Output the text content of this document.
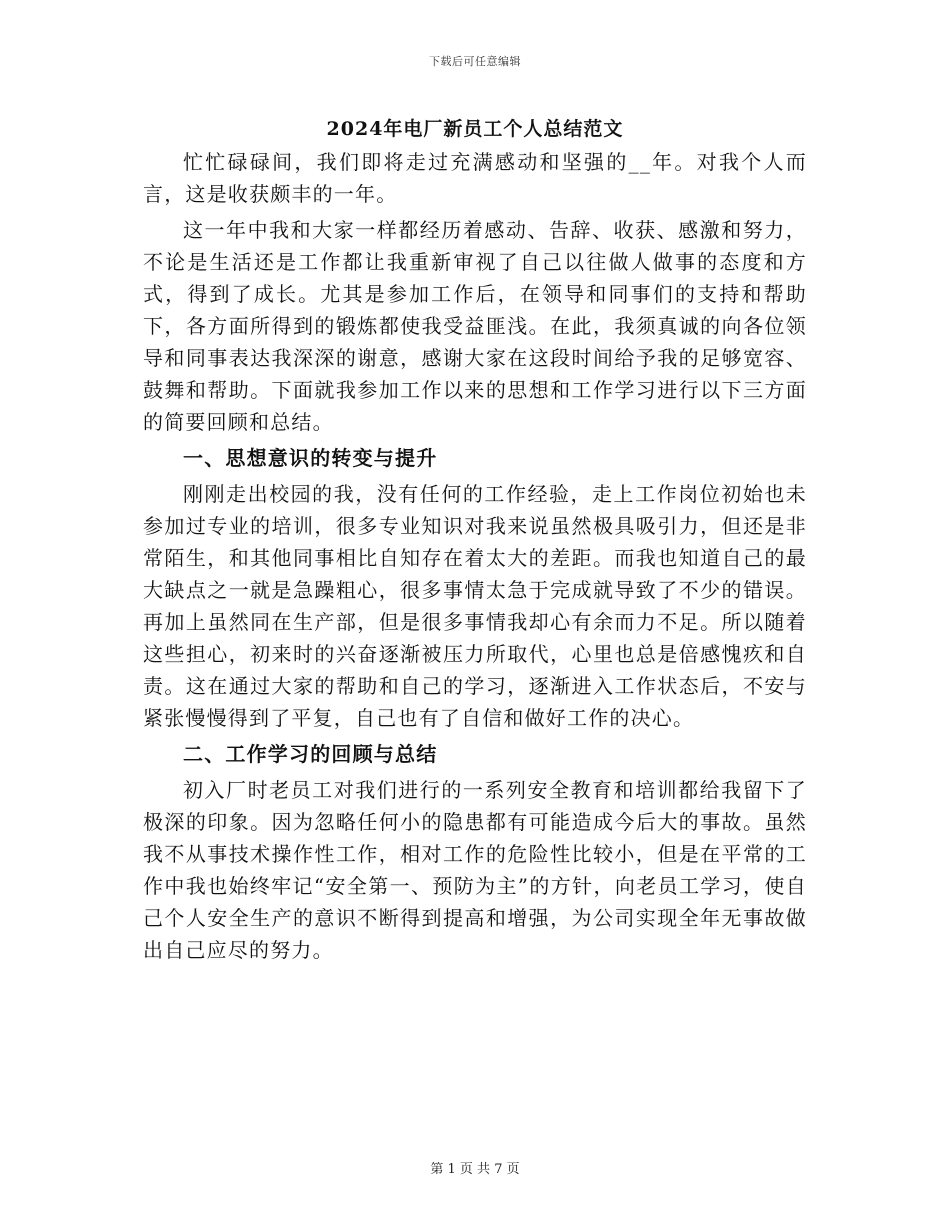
下载后可任意编辑
2024年电厂新员工个人总结范文

忙忙碌碌间，我们即将走过充满感动和坚强的__年。对我个人而言，这是收获颇丰的一年。

这一年中我和大家一样都经历着感动、告辞、收获、感激和努力，不论是生活还是工作都让我重新审视了自己以往做人做事的态度和方式，得到了成长。尤其是参加工作后，在领导和同事们的支持和帮助下，各方面所得到的锻炼都使我受益匪浅。在此，我须真诚的向各位领导和同事表达我深深的谢意，感谢大家在这段时间给予我的足够宽容、鼓舞和帮助。下面就我参加工作以来的思想和工作学习进行以下三方面的简要回顾和总结。

一、思想意识的转变与提升

刚刚走出校园的我，没有任何的工作经验，走上工作岗位初始也未参加过专业的培训，很多专业知识对我来说虽然极具吸引力，但还是非常陌生，和其他同事相比自知存在着太大的差距。而我也知道自己的最大缺点之一就是急躁粗心，很多事情太急于完成就导致了不少的错误。再加上虽然同在生产部，但是很多事情我却心有余而力不足。所以随着这些担心，初来时的兴奋逐渐被压力所取代，心里也总是倍感愧疚和自责。这在通过大家的帮助和自己的学习，逐渐进入工作状态后，不安与紧张慢慢得到了平复，自己也有了自信和做好工作的决心。

二、工作学习的回顾与总结

初入厂时老员工对我们进行的一系列安全教育和培训都给我留下了极深的印象。因为忽略任何小的隐患都有可能造成今后大的事故。虽然我不从事技术操作性工作，相对工作的危险性比较小，但是在平常的工作中我也始终牢记“安全第一、预防为主”的方针，向老员工学习，使自己个人安全生产的意识不断得到提高和增强，为公司实现全年无事故做出自己应尽的努力。

第 1 页 共 7 页
